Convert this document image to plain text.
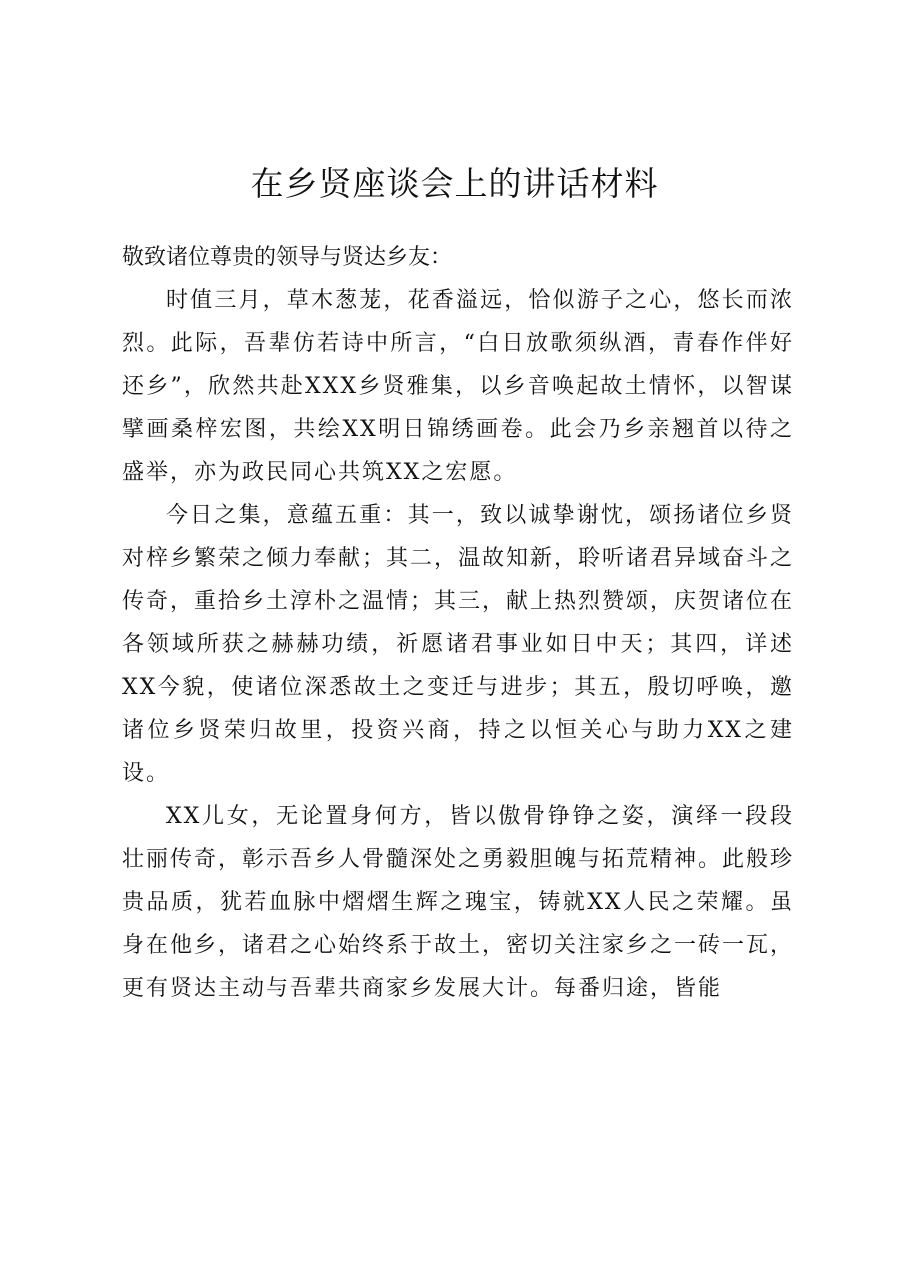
在乡贤座谈会上的讲话材料

敬致诸位尊贵的领导与贤达乡友：

时值三月，草木葱茏，花香溢远，恰似游子之心，悠长而浓烈。此际，吾辈仿若诗中所言，“白日放歌须纵酒，青春作伴好还乡”，欣然共赴XXX乡贤雅集，以乡音唤起故土情怀，以智谋擘画桑梓宏图，共绘XX明日锦绣画卷。此会乃乡亲翘首以待之盛举，亦为政民同心共筑XX之宏愿。

今日之集，意蕴五重：其一，致以诚挚谢忱，颂扬诸位乡贤对梓乡繁荣之倾力奉献；其二，温故知新，聆听诸君异域奋斗之传奇，重拾乡土淳朴之温情；其三，献上热烈赞颂，庆贺诸位在各领域所获之赫赫功绩，祈愿诸君事业如日中天；其四，详述XX今貌，使诸位深悉故土之变迁与进步；其五，殷切呼唤，邀诸位乡贤荣归故里，投资兴商，持之以恒关心与助力XX之建设。

XX儿女，无论置身何方，皆以傲骨铮铮之姿，演绎一段段壮丽传奇，彰示吾乡人骨髓深处之勇毅胆魄与拓荒精神。此般珍贵品质，犹若血脉中熠熠生辉之瑰宝，铸就XX人民之荣耀。虽身在他乡，诸君之心始终系于故土，密切关注家乡之一砖一瓦，更有贤达主动与吾辈共商家乡发展大计。每番归途，皆能
